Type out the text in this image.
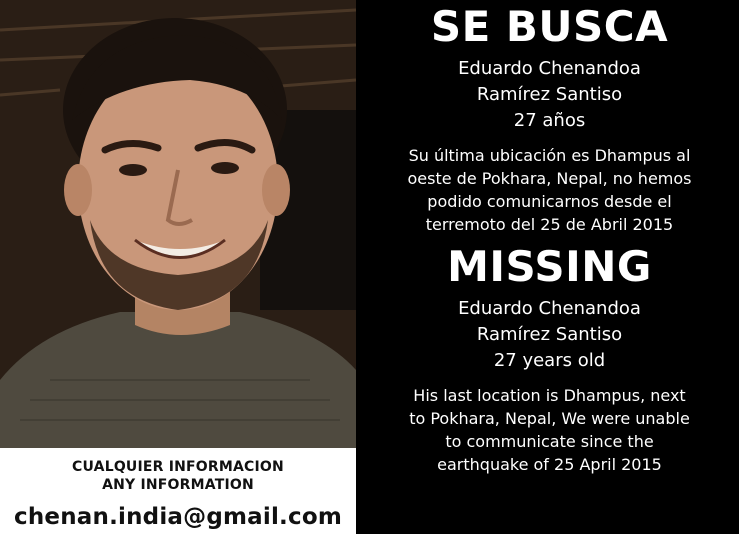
CUALQUIER INFORMACION
ANY INFORMATION
chenan.india@gmail.com
SE BUSCA
Eduardo Chenandoa
Ramírez Santiso
27 años

Su última ubicación es Dhampus al

oeste de Pokhara, Nepal, no hemos

podido comunicarnos desde el

terremoto del 25 de Abril 2015

MISSING
Eduardo Chenandoa
Ramírez Santiso
27 years old

His last location is Dhampus, next

to Pokhara, Nepal, We were unable

to communicate since the

earthquake of 25 April 2015
